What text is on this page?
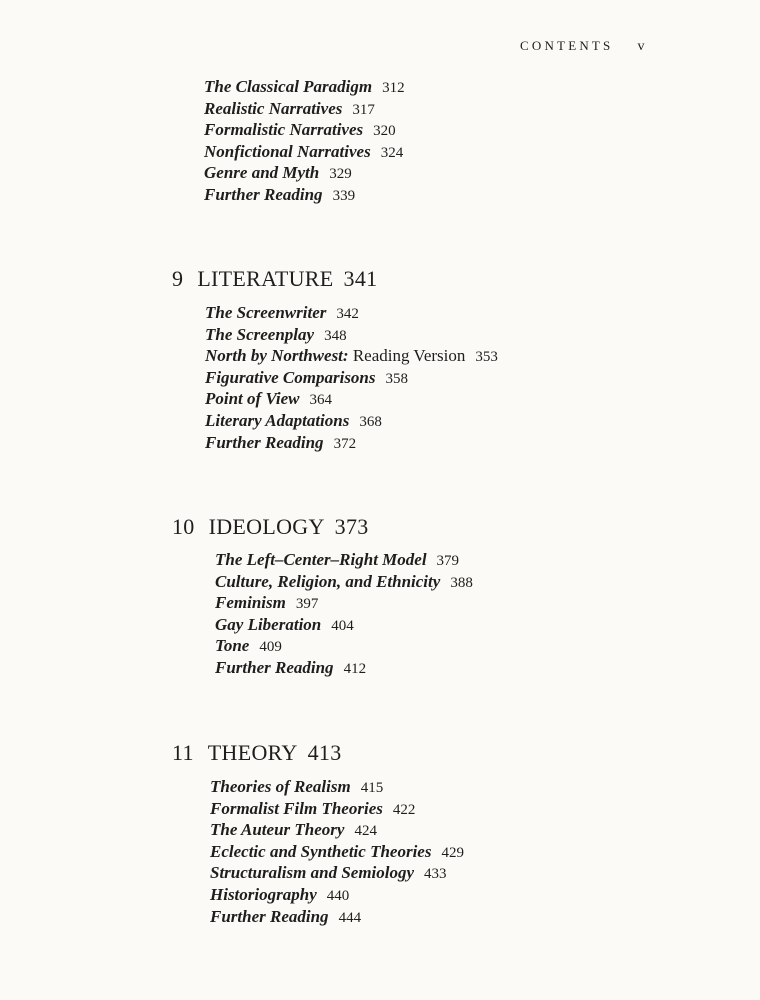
CONTENTS v
The Classical Paradigm 312
Realistic Narratives 317
Formalistic Narratives 320
Nonfictional Narratives 324
Genre and Myth 329
Further Reading 339
9 LITERATURE 341
The Screenwriter 342
The Screenplay 348
North by Northwest: Reading Version 353
Figurative Comparisons 358
Point of View 364
Literary Adaptations 368
Further Reading 372
10 IDEOLOGY 373
The Left–Center–Right Model 379
Culture, Religion, and Ethnicity 388
Feminism 397
Gay Liberation 404
Tone 409
Further Reading 412
11 THEORY 413
Theories of Realism 415
Formalist Film Theories 422
The Auteur Theory 424
Eclectic and Synthetic Theories 429
Structuralism and Semiology 433
Historiography 440
Further Reading 444
